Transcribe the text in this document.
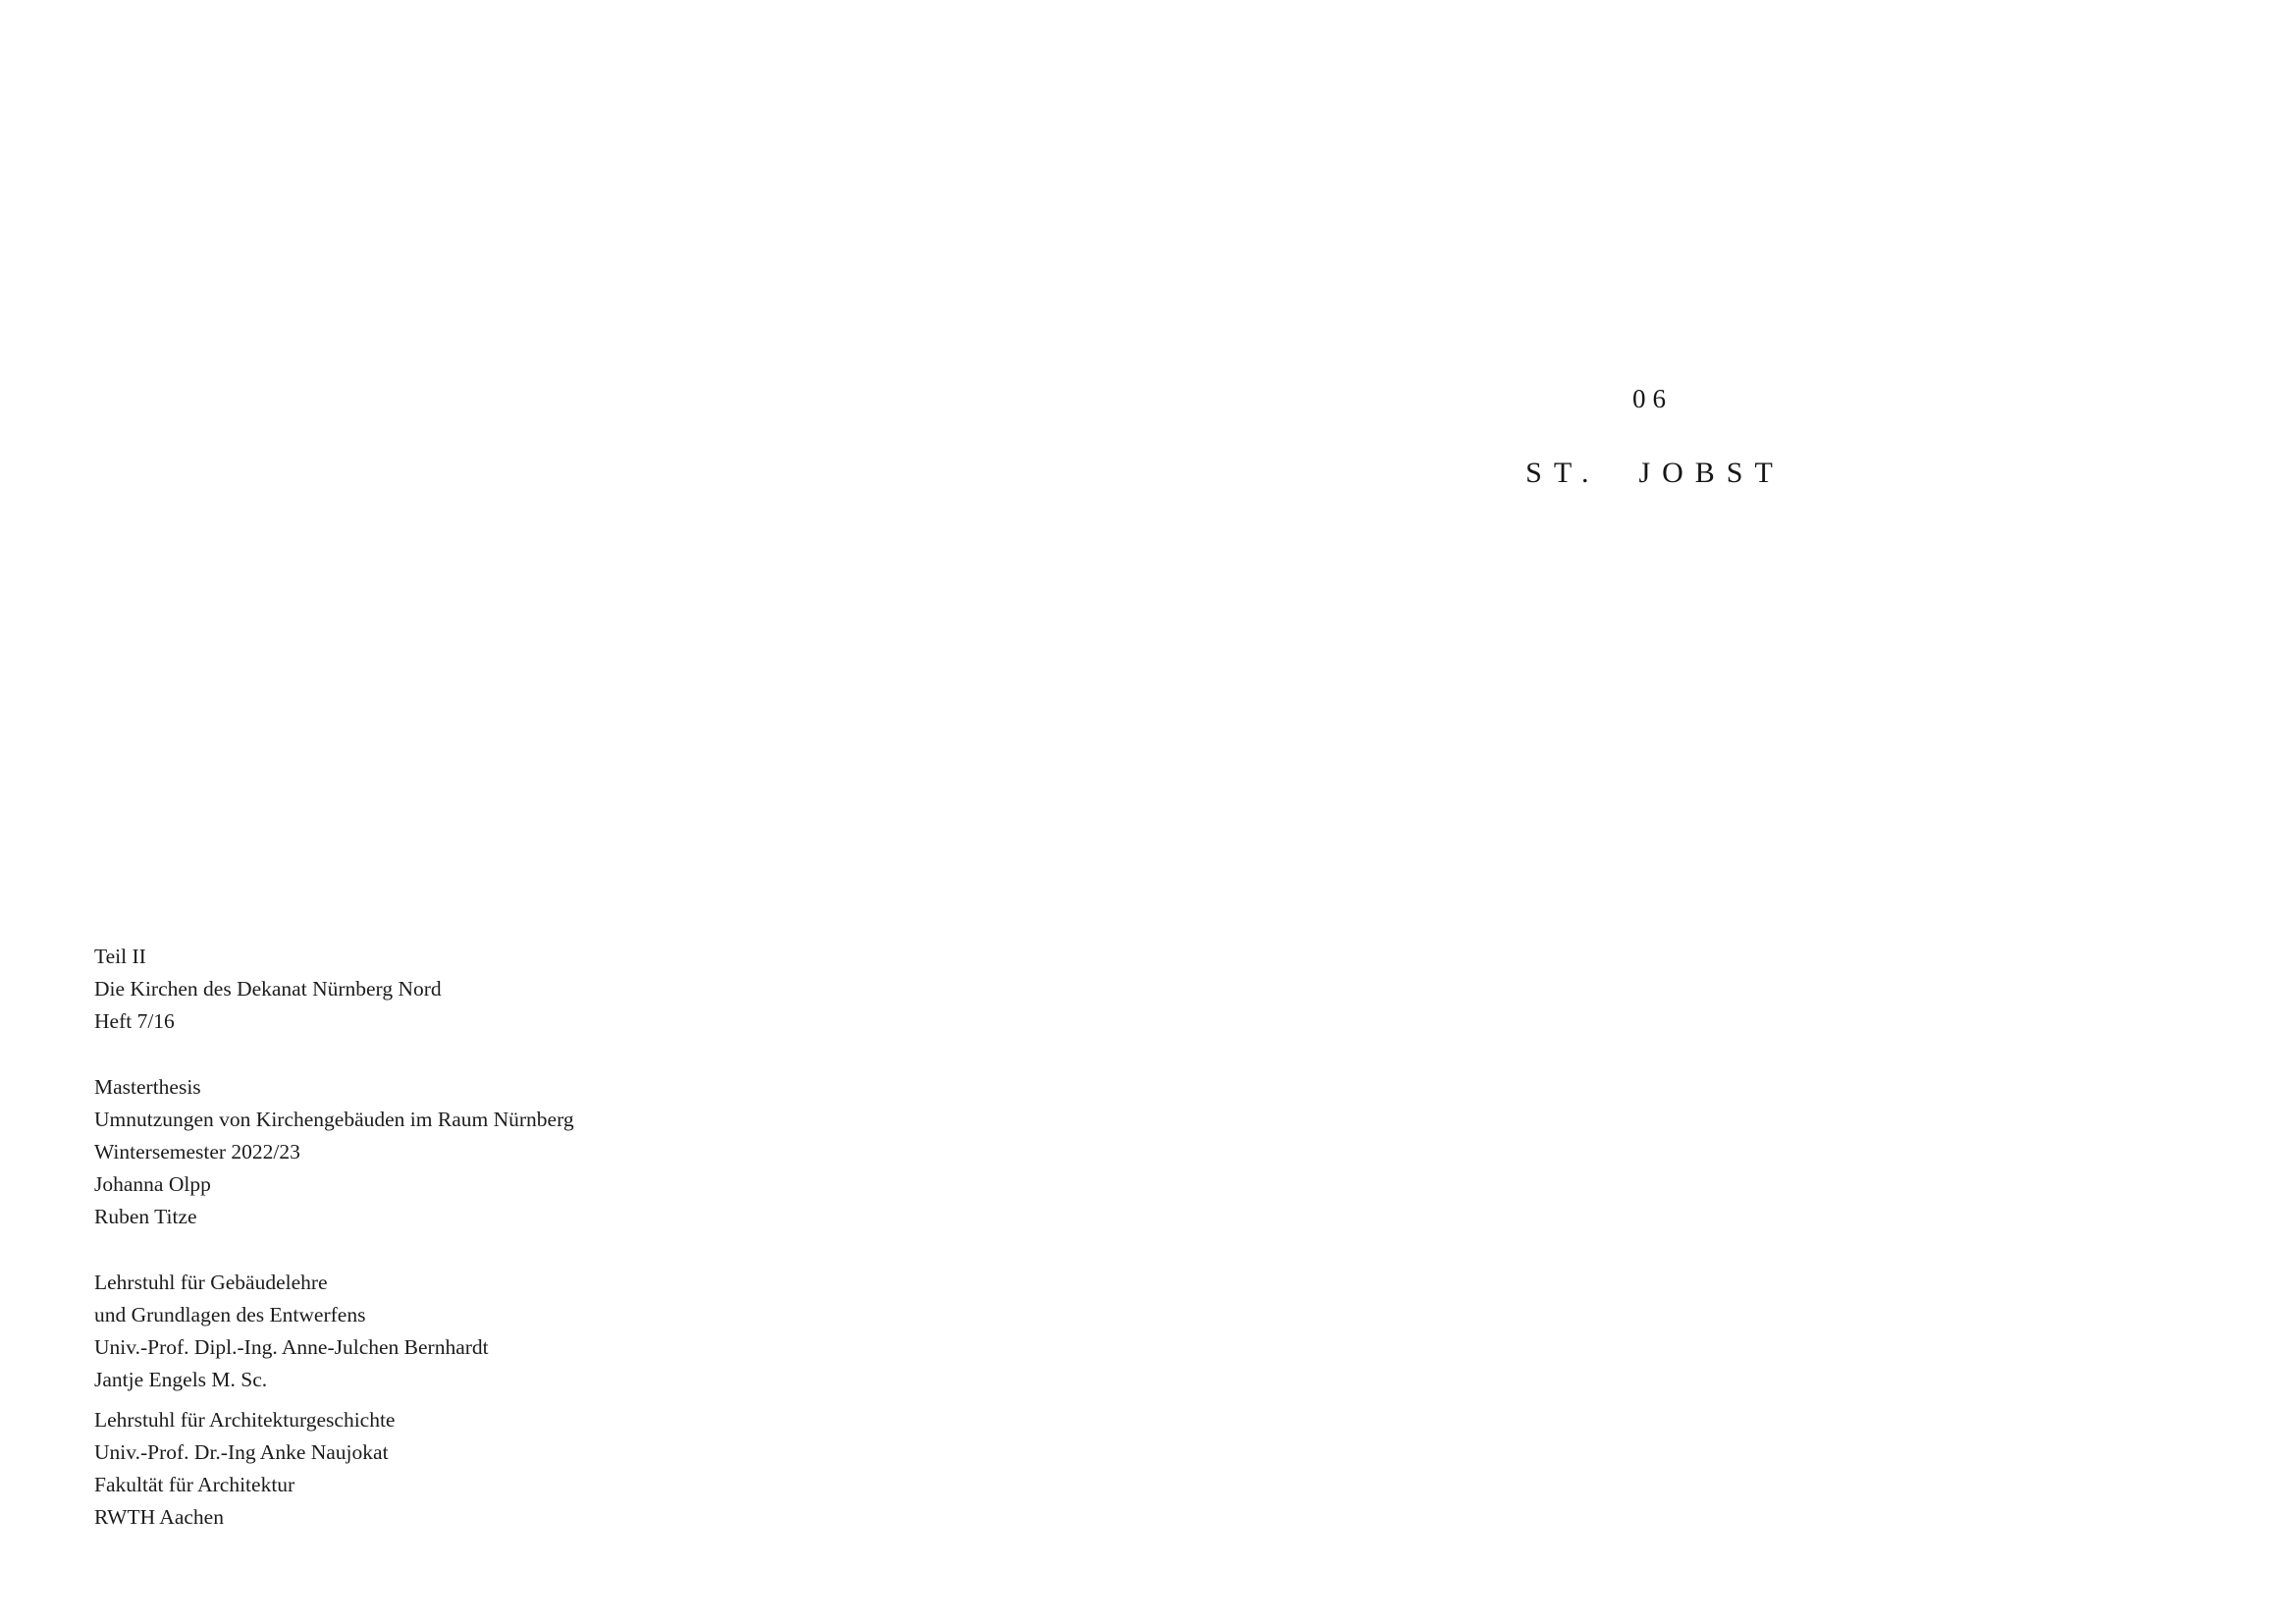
06
ST.  JOBST
Teil II
Die Kirchen des Dekanat Nürnberg Nord
Heft 7/16
Masterthesis
Umnutzungen von Kirchengebäuden im Raum Nürnberg
Wintersemester 2022/23
Johanna Olpp
Ruben Titze
Lehrstuhl für Gebäudelehre
und Grundlagen des Entwerfens
Univ.-Prof. Dipl.-Ing. Anne-Julchen Bernhardt
Jantje Engels M. Sc.
Lehrstuhl für Architekturgeschichte
Univ.-Prof. Dr.-Ing Anke Naujokat
Fakultät für Architektur
RWTH Aachen
